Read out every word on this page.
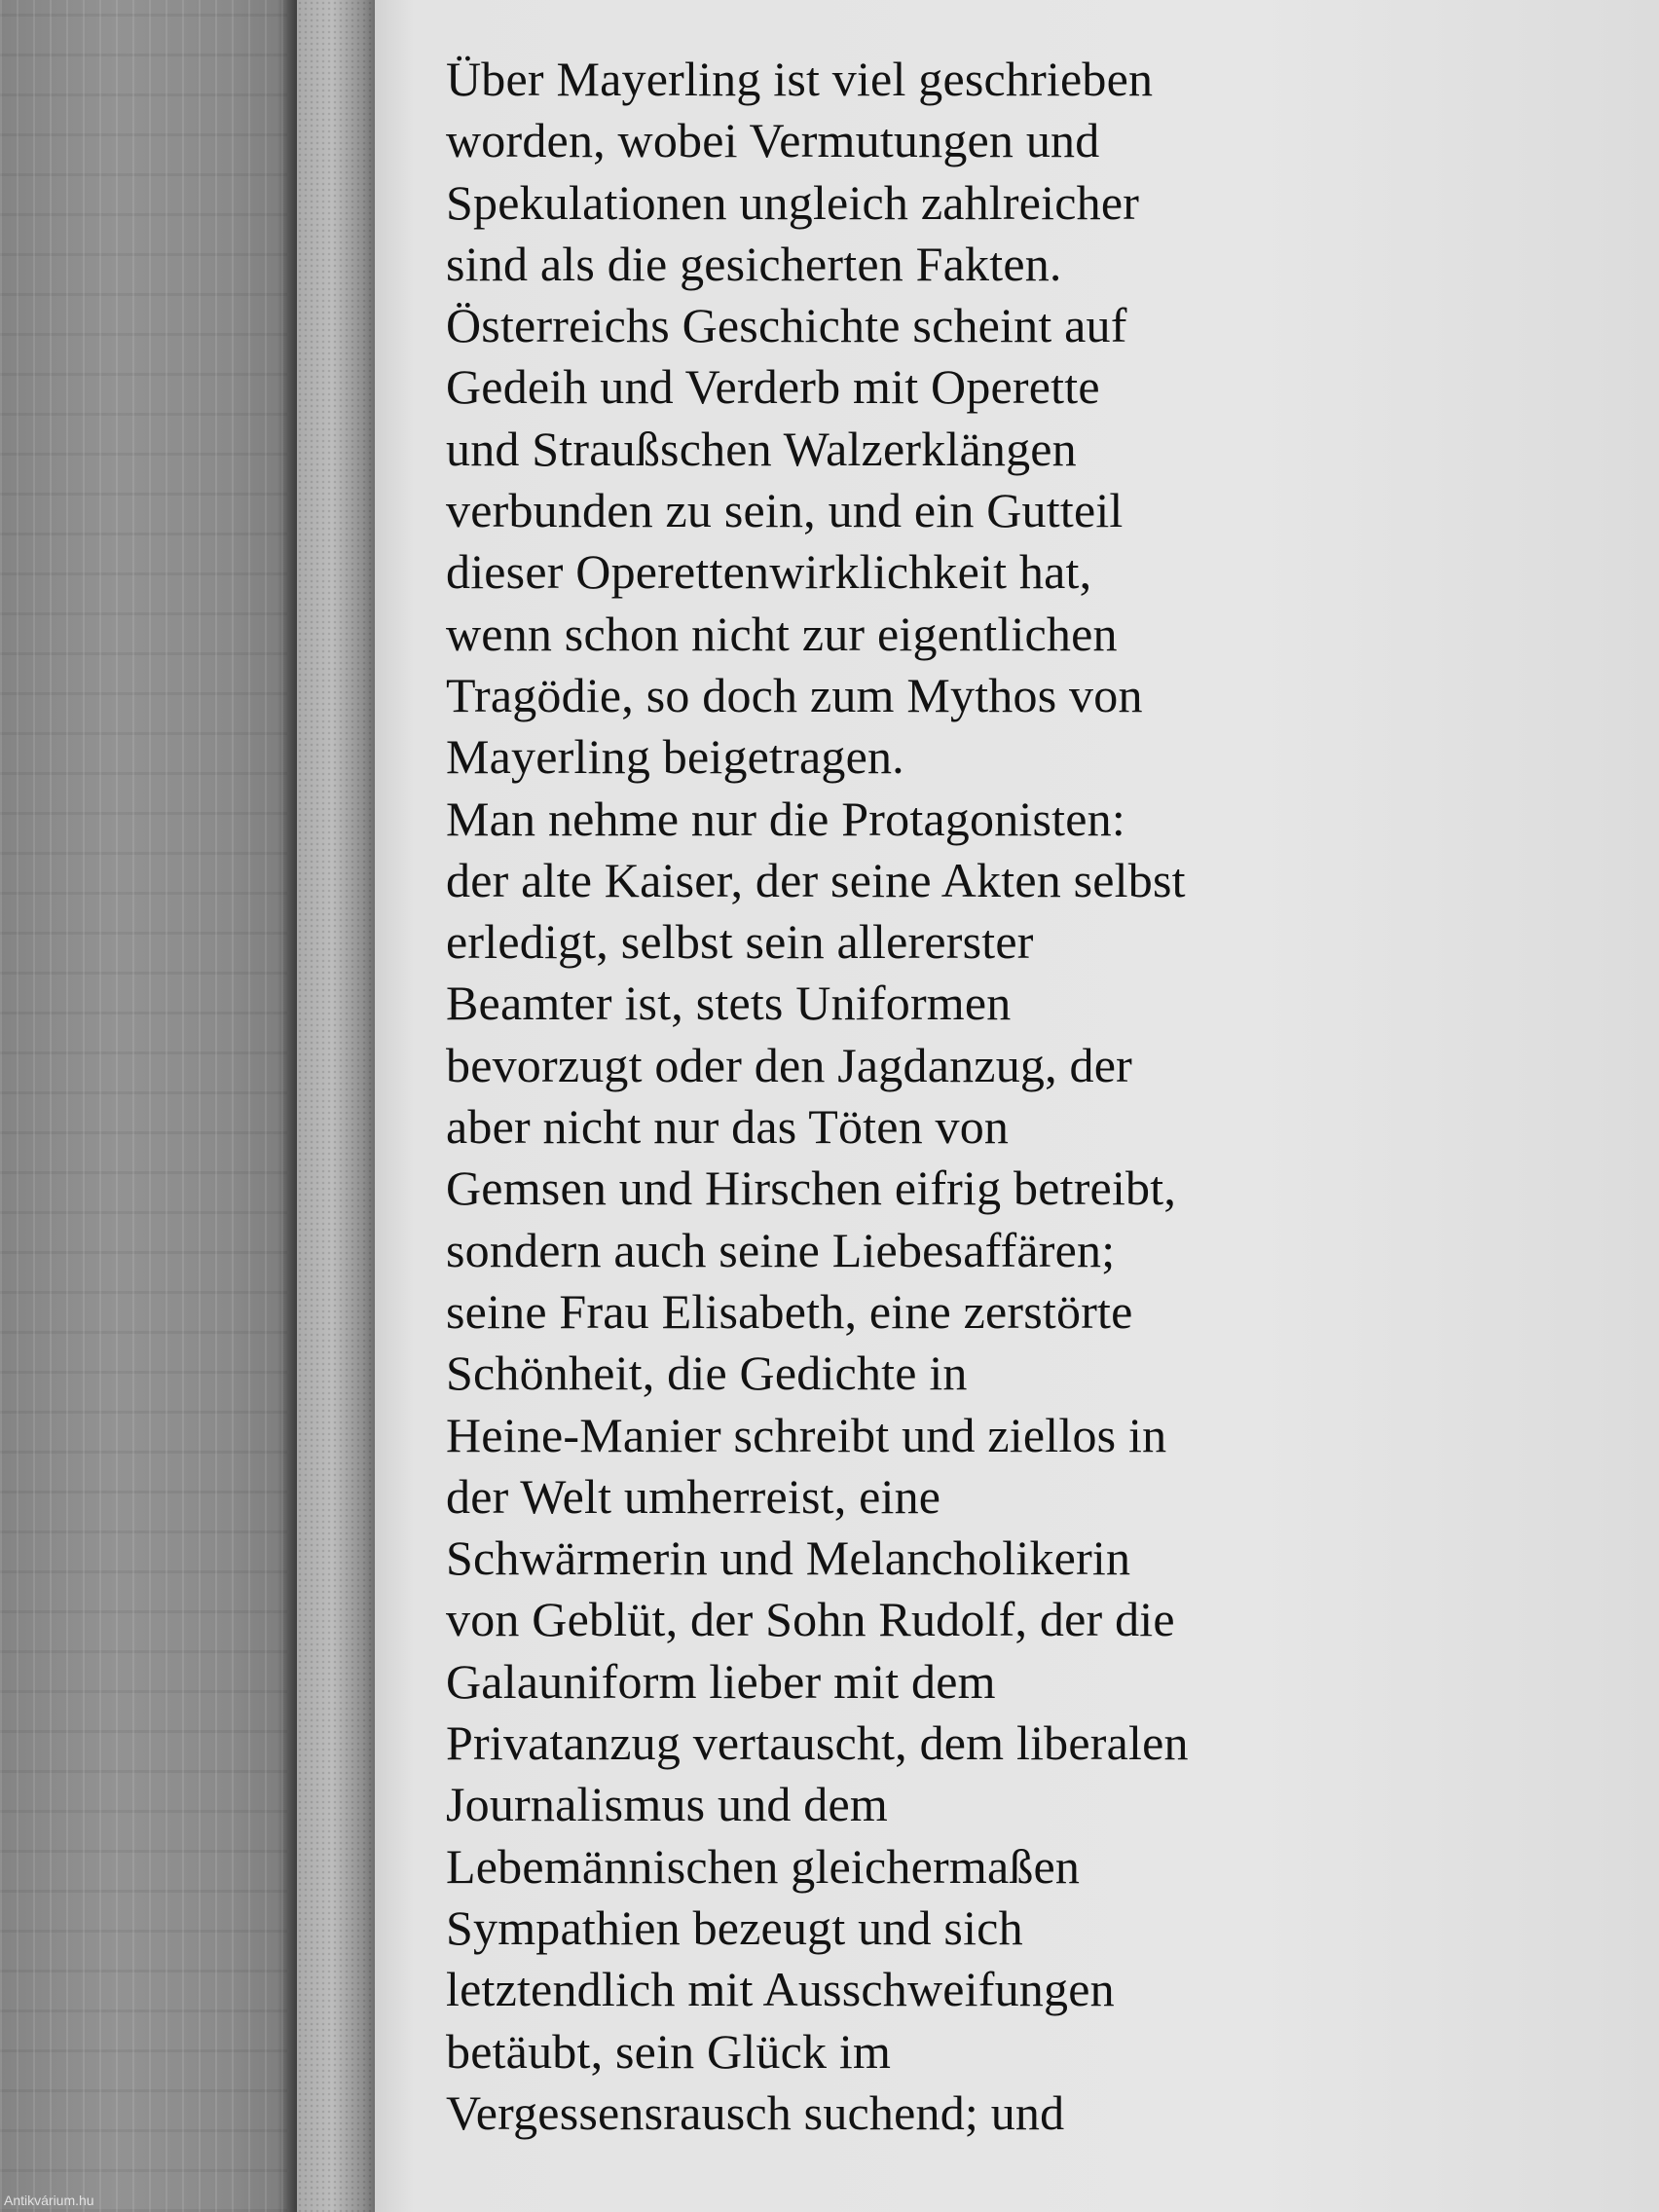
Über Mayerling ist viel geschrieben
worden, wobei Vermutungen und
Spekulationen ungleich zahlreicher
sind als die gesicherten Fakten.
Österreichs Geschichte scheint auf
Gedeih und Verderb mit Operette
und Straußschen Walzerklängen
verbunden zu sein, und ein Gutteil
dieser Operettenwirklichkeit hat,
wenn schon nicht zur eigentlichen
Tragödie, so doch zum Mythos von
Mayerling beigetragen.
Man nehme nur die Protagonisten:
der alte Kaiser, der seine Akten selbst
erledigt, selbst sein allererster
Beamter ist, stets Uniformen
bevorzugt oder den Jagdanzug, der
aber nicht nur das Töten von
Gemsen und Hirschen eifrig betreibt,
sondern auch seine Liebesaffären;
seine Frau Elisabeth, eine zerstörte
Schönheit, die Gedichte in
Heine-Manier schreibt und ziellos in
der Welt umherreist, eine
Schwärmerin und Melancholikerin
von Geblüt, der Sohn Rudolf, der die
Galauniform lieber mit dem
Privatanzug vertauscht, dem liberalen
Journalismus und dem
Lebemännischen gleichermaßen
Sympathien bezeugt und sich
letztendlich mit Ausschweifungen
betäubt, sein Glück im
Vergessensrausch suchend; und
Antikvárium.hu
